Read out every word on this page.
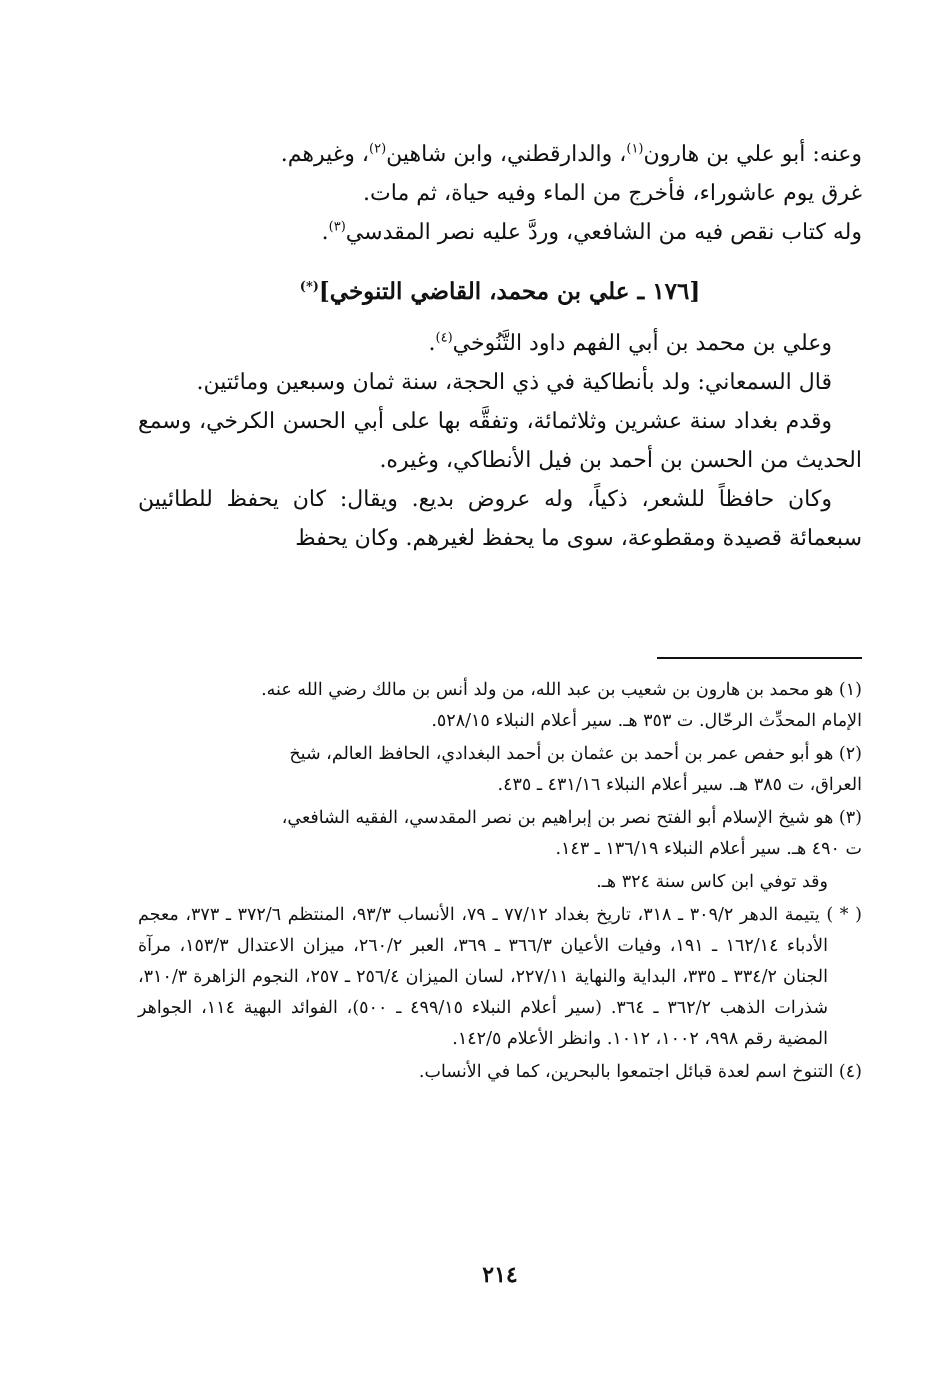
وعنه: أبو علي بن هارون$^{(١)}$، والدارقطني، وابن شاهين$^{(٢)}$، وغيرهم.

غرق يوم عاشوراء، فأخرج من الماء وفيه حياة، ثم مات.

وله كتاب نقص فيه من الشافعي، وردَّ عليه نصر المقدسي$^{(٣)}$.

[١٧٦ ـ علي بن محمد، القاضي التنوخي](*)

وعلي بن محمد بن أبي الفهم داود التَّنُوخي$^{(٤)}$.

قال السمعاني: ولد بأنطاكية في ذي الحجة، سنة ثمان وسبعين ومائتين.

وقدم بغداد سنة عشرين وثلاثمائة، وتفقَّه بها على أبي الحسن الكرخي، وسمع الحديث من الحسن بن أحمد بن فيل الأنطاكي، وغيره.

وكان حافظاً للشعر، ذكياً، وله عروض بديع. ويقال: كان يحفظ للطائيين سبعمائة قصيدة ومقطوعة، سوى ما يحفظ لغيرهم. وكان يحفظ

(١) هو محمد بن هارون بن شعيب بن عبد الله، من ولد أنس بن مالك رضي الله عنه.
الإمام المحدِّث الرحّال. ت ٣٥٣ هـ. سير أعلام النبلاء ٥٢٨/١٥.

(٢) هو أبو حفص عمر بن أحمد بن عثمان بن أحمد البغدادي، الحافظ العالم، شيخ
العراق، ت ٣٨٥ هـ. سير أعلام النبلاء ٤٣١/١٦ ـ ٤٣٥.

(٣) هو شيخ الإسلام أبو الفتح نصر بن إبراهيم بن نصر المقدسي، الفقيه الشافعي،
ت ٤٩٠ هـ. سير أعلام النبلاء ١٣٦/١٩ ـ ١٤٣.

وقد توفي ابن كاس سنة ٣٢٤ هـ.

( * ) يتيمة الدهر ٣٠٩/٢ ـ ٣١٨، تاريخ بغداد ٧٧/١٢ ـ ٧٩، الأنساب ٩٣/٣، المنتظم ٣٧٢/٦ ـ ٣٧٣، معجم الأدباء ١٦٢/١٤ ـ ١٩١، وفيات الأعيان ٣٦٦/٣ ـ ٣٦٩، العبر ٢٦٠/٢، ميزان الاعتدال ١٥٣/٣، مرآة الجنان ٣٣٤/٢ ـ ٣٣٥، البداية والنهاية ٢٢٧/١١، لسان الميزان ٢٥٦/٤ ـ ٢٥٧، النجوم الزاهرة ٣١٠/٣، شذرات الذهب ٣٦٢/٢ ـ ٣٦٤. (سير أعلام النبلاء ٤٩٩/١٥ ـ ٥٠٠)، الفوائد البهية ١١٤، الجواهر المضية رقم ٩٩٨، ١٠٠٢، ١٠١٢. وانظر الأعلام ١٤٢/٥.

(٤) التنوخ اسم لعدة قبائل اجتمعوا بالبحرين، كما في الأنساب.

٢١٤
